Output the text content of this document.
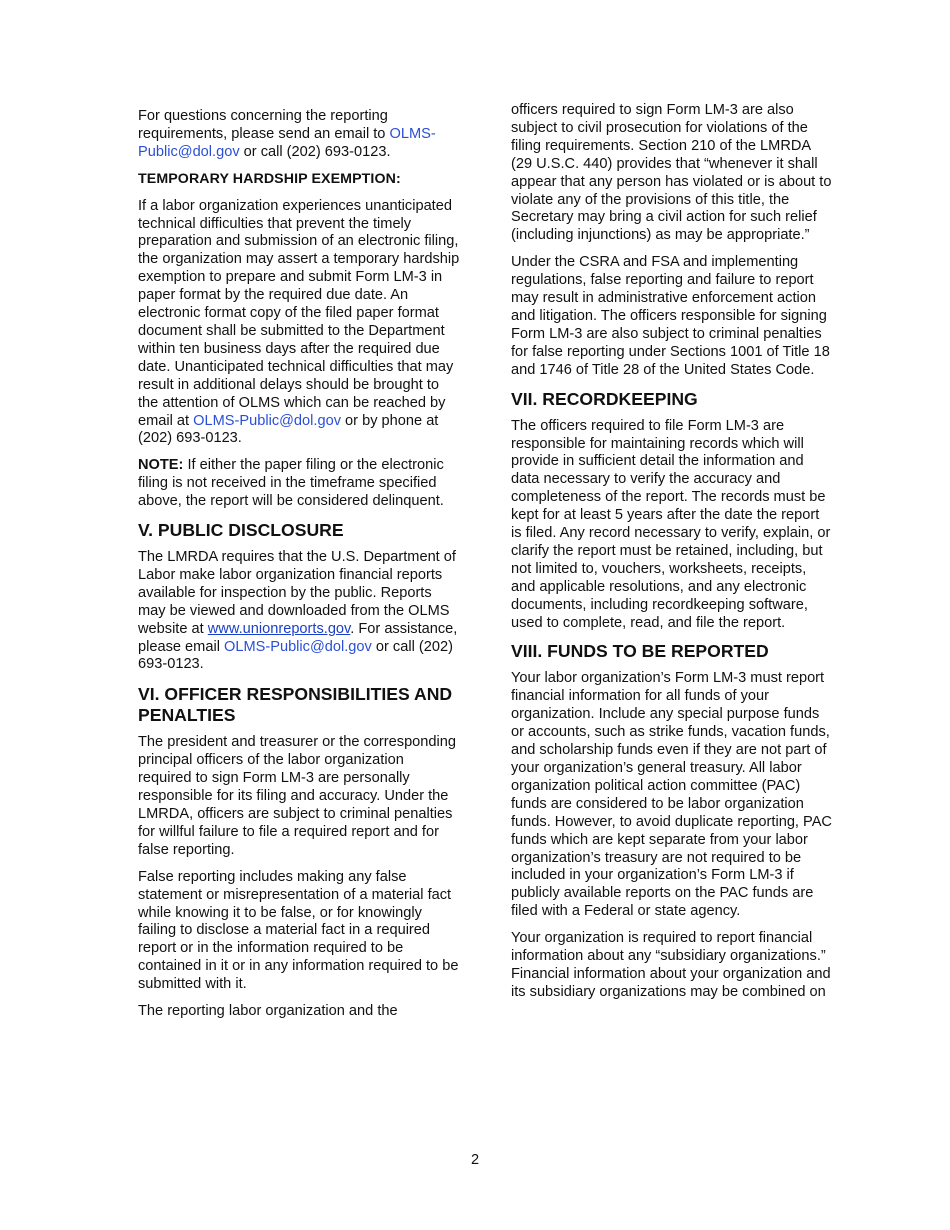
For questions concerning the reporting requirements, please send an email to OLMS-Public@dol.gov or call (202) 693-0123.

TEMPORARY HARDSHIP EXEMPTION:

If a labor organization experiences unanticipated technical difficulties that prevent the timely preparation and submission of an electronic filing, the organization may assert a temporary hardship exemption to prepare and submit Form LM-3 in paper format by the required due date. An electronic format copy of the filed paper format document shall be submitted to the Department within ten business days after the required due date. Unanticipated technical difficulties that may result in additional delays should be brought to the attention of OLMS which can be reached by email at OLMS-Public@dol.gov or by phone at (202) 693-0123.

NOTE: If either the paper filing or the electronic filing is not received in the timeframe specified above, the report will be considered delinquent.

V. PUBLIC DISCLOSURE

The LMRDA requires that the U.S. Department of Labor make labor organization financial reports available for inspection by the public. Reports may be viewed and downloaded from the OLMS website at www.unionreports.gov. For assistance, please email OLMS-Public@dol.gov or call (202) 693-0123.

VI. OFFICER RESPONSIBILITIES AND PENALTIES

The president and treasurer or the corresponding principal officers of the labor organization required to sign Form LM-3 are personally responsible for its filing and accuracy. Under the LMRDA, officers are subject to criminal penalties for willful failure to file a required report and for false reporting.

False reporting includes making any false statement or misrepresentation of a material fact while knowing it to be false, or for knowingly failing to disclose a material fact in a required report or in the information required to be contained in it or in any information required to be submitted with it.

The reporting labor organization and the

officers required to sign Form LM-3 are also subject to civil prosecution for violations of the filing requirements. Section 210 of the LMRDA (29 U.S.C. 440) provides that “whenever it shall appear that any person has violated or is about to violate any of the provisions of this title, the Secretary may bring a civil action for such relief (including injunctions) as may be appropriate.”

Under the CSRA and FSA and implementing regulations, false reporting and failure to report may result in administrative enforcement action and litigation. The officers responsible for signing Form LM-3 are also subject to criminal penalties for false reporting under Sections 1001 of Title 18 and 1746 of Title 28 of the United States Code.

VII. RECORDKEEPING

The officers required to file Form LM-3 are responsible for maintaining records which will provide in sufficient detail the information and data necessary to verify the accuracy and completeness of the report. The records must be kept for at least 5 years after the date the report is filed. Any record necessary to verify, explain, or clarify the report must be retained, including, but not limited to, vouchers, worksheets, receipts, and applicable resolutions, and any electronic documents, including recordkeeping software, used to complete, read, and file the report.

VIII. FUNDS TO BE REPORTED

Your labor organization’s Form LM-3 must report financial information for all funds of your organization. Include any special purpose funds or accounts, such as strike funds, vacation funds, and scholarship funds even if they are not part of your organization’s general treasury. All labor organization political action committee (PAC) funds are considered to be labor organization funds. However, to avoid duplicate reporting, PAC funds which are kept separate from your labor organization’s treasury are not required to be included in your organization’s Form LM-3 if publicly available reports on the PAC funds are filed with a Federal or state agency.

Your organization is required to report financial information about any “subsidiary organizations.” Financial information about your organization and its subsidiary organizations may be combined on

2
